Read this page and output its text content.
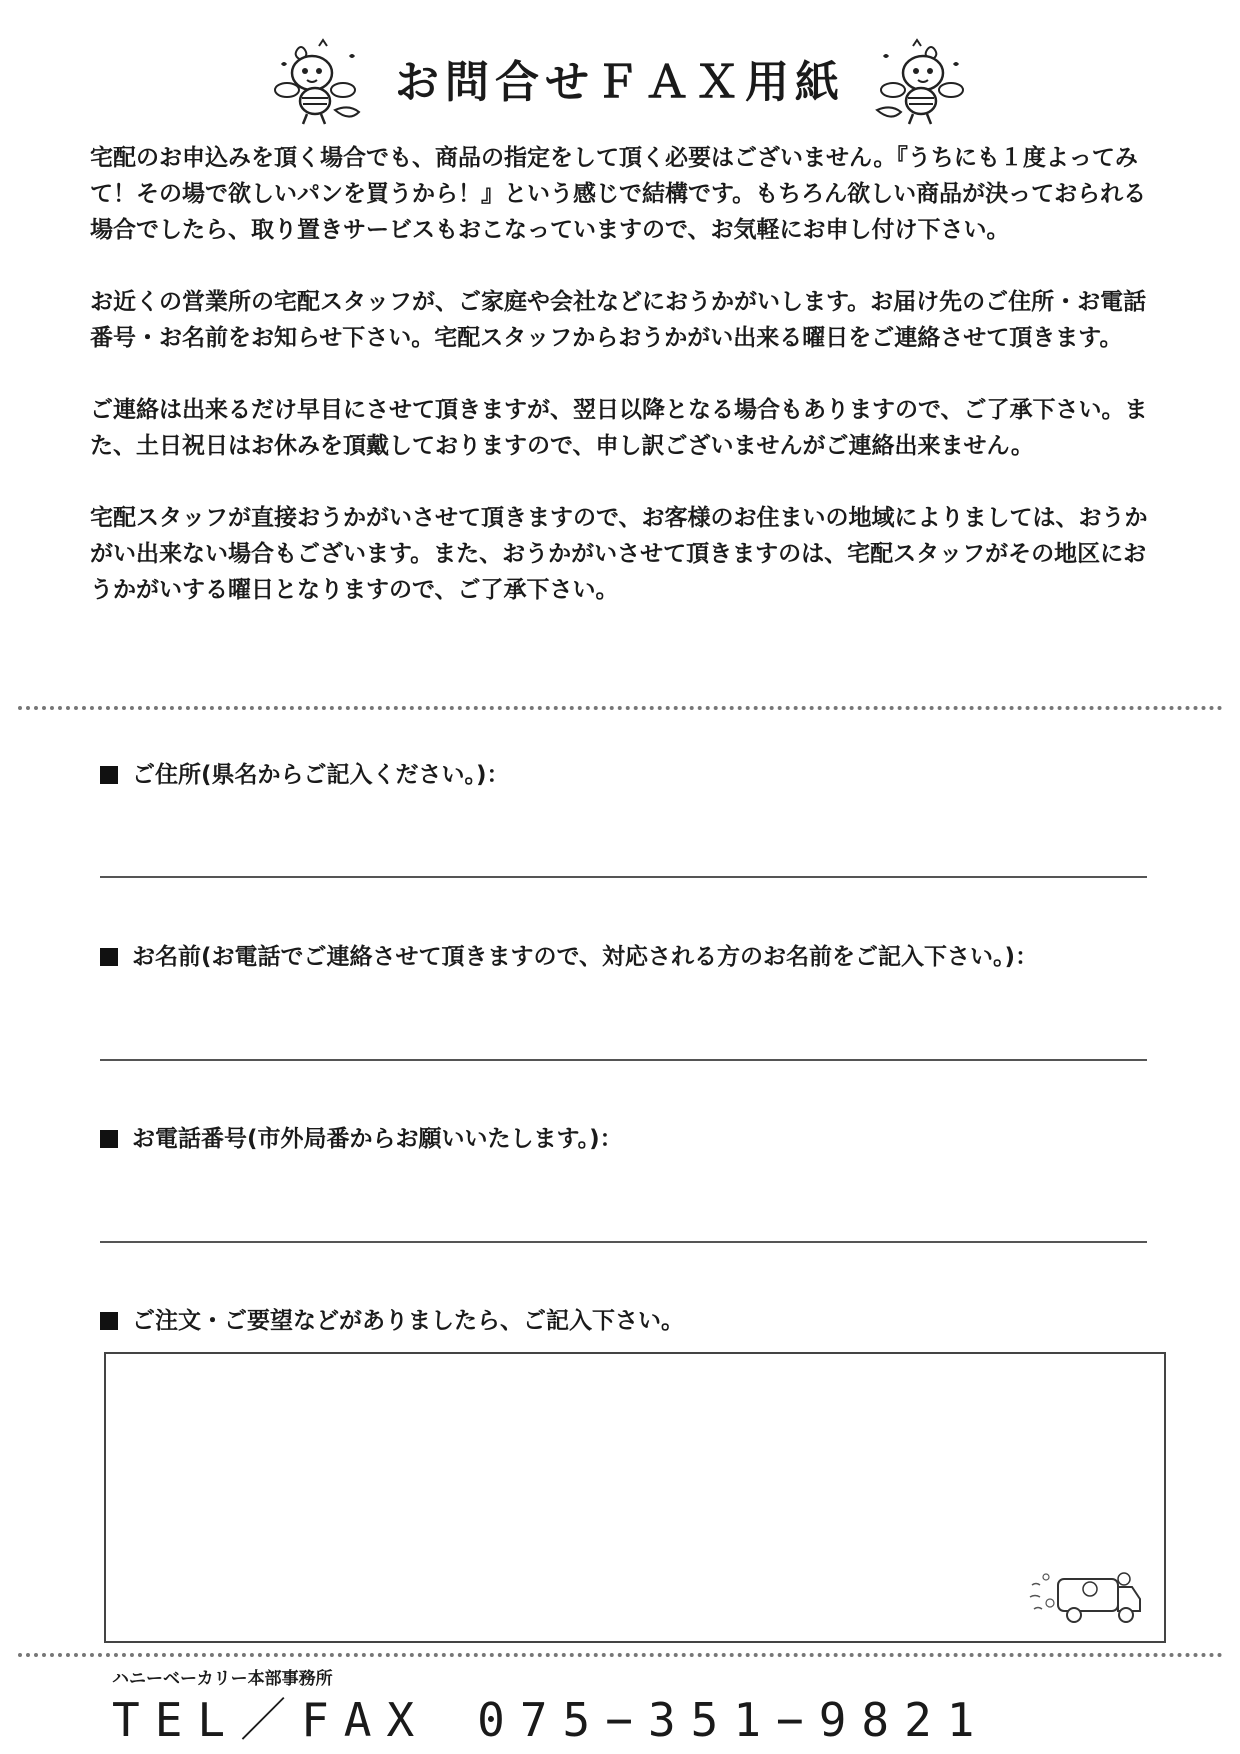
お問合せＦＡＸ用紙

宅配のお申込みを頂く場合でも、商品の指定をして頂く必要はございません。『うちにも１度よってみて！その場で欲しいパンを買うから！』という感じで結構です。もちろん欲しい商品が決っておられる場合でしたら、取り置きサービスもおこなっていますので、お気軽にお申し付け下さい。

お近くの営業所の宅配スタッフが、ご家庭や会社などにおうかがいします。お届け先のご住所・お電話番号・お名前をお知らせ下さい。宅配スタッフからおうかがい出来る曜日をご連絡させて頂きます。

ご連絡は出来るだけ早目にさせて頂きますが、翌日以降となる場合もありますので、ご了承下さい。また、土日祝日はお休みを頂戴しておりますので、申し訳ございませんがご連絡出来ません。

宅配スタッフが直接おうかがいさせて頂きますので、お客様のお住まいの地域によりましては、おうかがい出来ない場合もございます。また、おうかがいさせて頂きますのは、宅配スタッフがその地区におうかがいする曜日となりますので、ご了承下さい。

ご住所(県名からご記入ください。)：
お名前(お電話でご連絡させて頂きますので、対応される方のお名前をご記入下さい。)：
お電話番号(市外局番からお願いいたします。)：
ご注文・ご要望などがありましたら、ご記入下さい。
ハニーベーカリー本部事務所
TEL／FAX 075−351−9821
